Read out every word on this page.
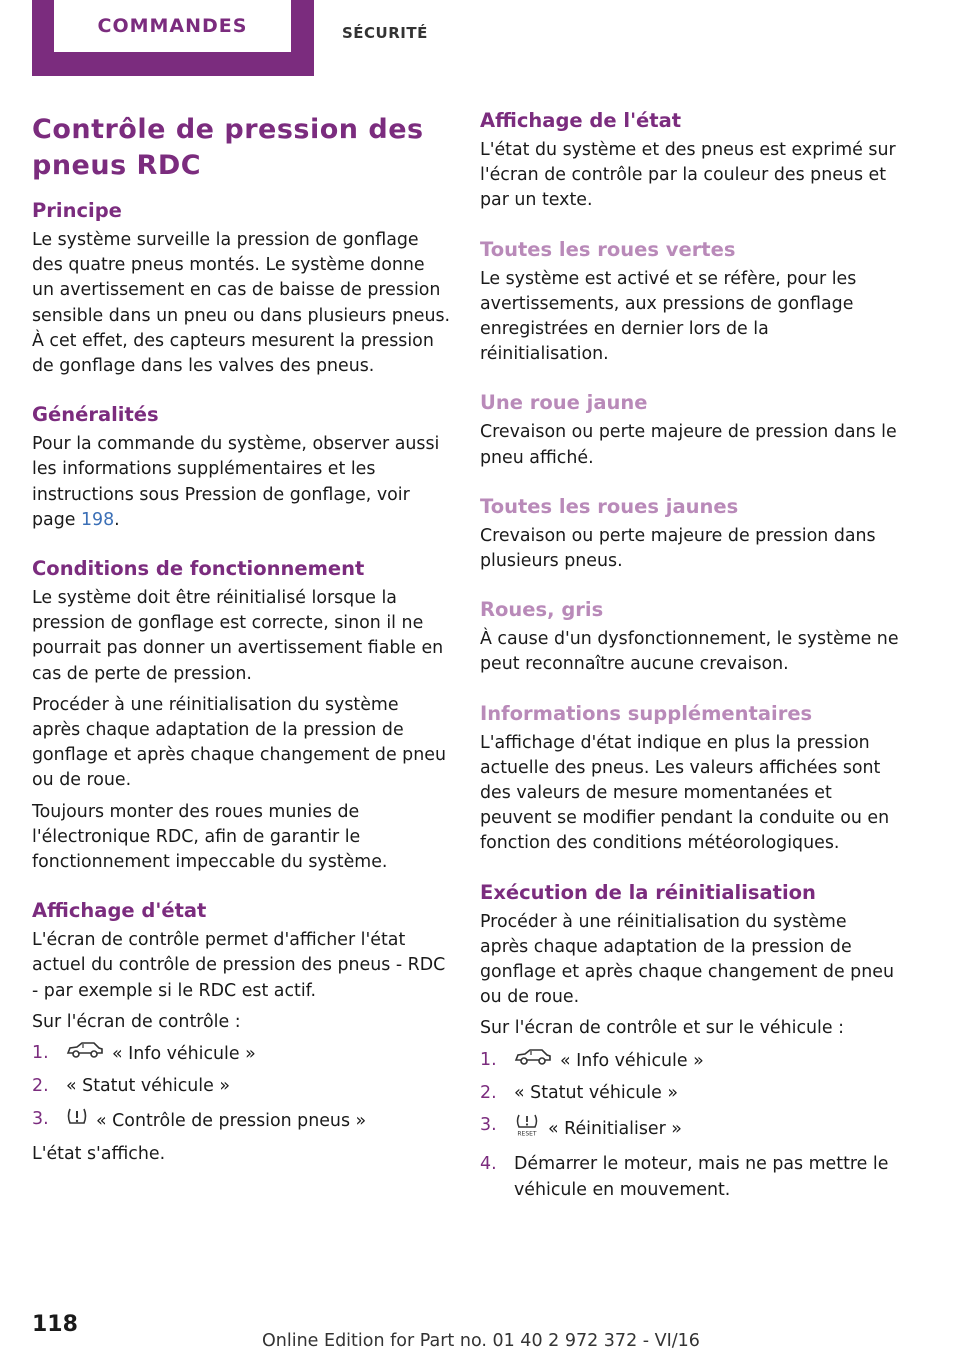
COMMANDES	SÉCURITÉ
Contrôle de pression des pneus RDC
Principe

Le système surveille la pression de gonflage des quatre pneus montés. Le système donne un avertissement en cas de baisse de pression sensible dans un pneu ou dans plusieurs pneus. À cet effet, des capteurs mesurent la pression de gonflage dans les valves des pneus.

Généralités

Pour la commande du système, observer aussi les informations supplémentaires et les instructions sous Pression de gonflage, voir page 198.

Conditions de fonctionnement

Le système doit être réinitialisé lorsque la pression de gonflage est correcte, sinon il ne pourrait pas donner un avertissement fiable en cas de perte de pression.

Procéder à une réinitialisation du système après chaque adaptation de la pression de gonflage et après chaque changement de pneu ou de roue.

Toujours monter des roues munies de l'électronique RDC, afin de garantir le fonctionnement impeccable du système.

Affichage d'état

L'écran de contrôle permet d'afficher l'état actuel du contrôle de pression des pneus - RDC - par exemple si le RDC est actif.

Sur l'écran de contrôle :

1.	« Info véhicule »
2. « Statut véhicule »
3.	« Contrôle de pression pneus »

L'état s'affiche.

Affichage de l'état

L'état du système et des pneus est exprimé sur l'écran de contrôle par la couleur des pneus et par un texte.

Toutes les roues vertes

Le système est activé et se réfère, pour les avertissements, aux pressions de gonflage enregistrées en dernier lors de la réinitialisation.

Une roue jaune

Crevaison ou perte majeure de pression dans le pneu affiché.

Toutes les roues jaunes

Crevaison ou perte majeure de pression dans plusieurs pneus.

Roues, gris

À cause d'un dysfonctionnement, le système ne peut reconnaître aucune crevaison.

Informations supplémentaires

L'affichage d'état indique en plus la pression actuelle des pneus. Les valeurs affichées sont des valeurs de mesure momentanées et peuvent se modifier pendant la conduite ou en fonction des conditions météorologiques.

Exécution de la réinitialisation

Procéder à une réinitialisation du système après chaque adaptation de la pression de gonflage et après chaque changement de pneu ou de roue.

Sur l'écran de contrôle et sur le véhicule :

1.	« Info véhicule »
2. « Statut véhicule »
3.	RESET « Réinitialiser »
4. Démarrer le moteur, mais ne pas mettre le véhicule en mouvement.
118
Online Edition for Part no. 01 40 2 972 372 - VI/16
